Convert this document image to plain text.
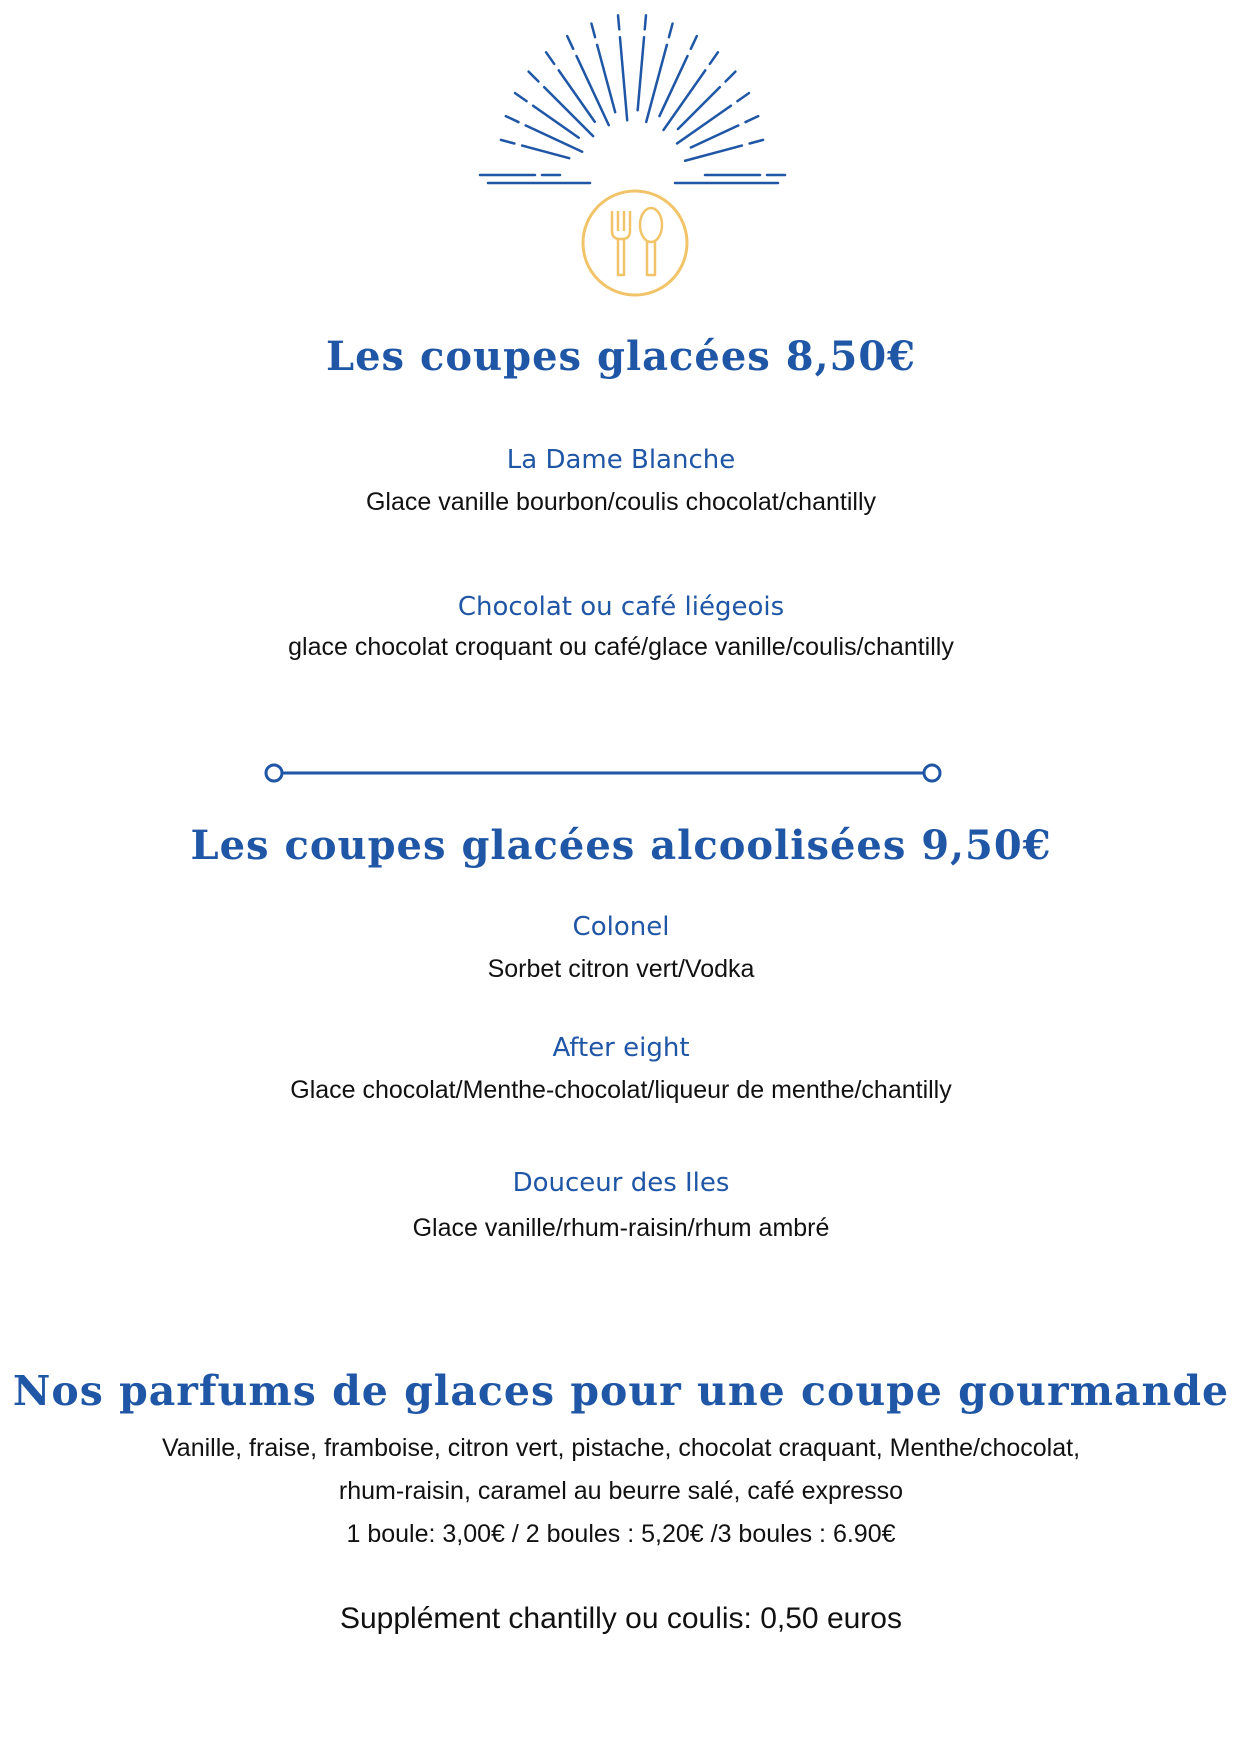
Les coupes glacées 8,50€
La Dame Blanche
Glace vanille bourbon/coulis chocolat/chantilly
Chocolat ou café liégeois
glace chocolat croquant ou café/glace vanille/coulis/chantilly
Les coupes glacées alcoolisées 9,50€
Colonel
Sorbet citron vert/Vodka
After eight
Glace chocolat/Menthe-chocolat/liqueur de menthe/chantilly
Douceur des Iles
Glace vanille/rhum-raisin/rhum ambré
Nos parfums de glaces pour une coupe gourmande
Vanille, fraise, framboise, citron vert, pistache, chocolat craquant, Menthe/chocolat,
rhum-raisin, caramel au beurre salé, café expresso
1 boule: 3,00€ / 2 boules : 5,20€ /3 boules : 6.90€
Supplément chantilly ou coulis: 0,50 euros
